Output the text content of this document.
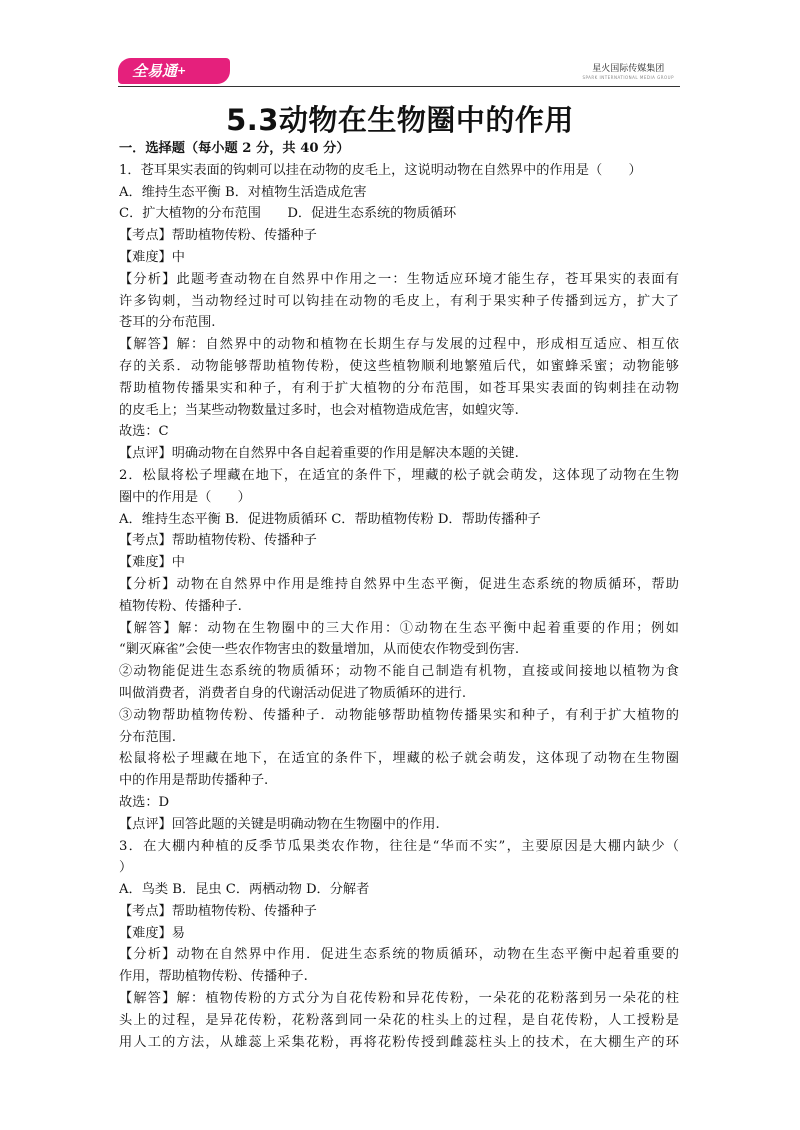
全易通+	星火国际传媒集团
SPARK INTERNATIONAL MEDIA GROUP
5.3动物在生物圈中的作用
一．选择题（每小题 2 分，共 40 分）
1．苍耳果实表面的钩刺可以挂在动物的皮毛上，这说明动物在自然界中的作用是（　　）
A．维持生态平衡 B．对植物生活造成危害
C．扩大植物的分布范围　　D．促进生态系统的物质循环
【考点】帮助植物传粉、传播种子
【难度】中
【分析】此题考查动物在自然界中作用之一：生物适应环境才能生存，苍耳果实的表面有
许多钩刺，当动物经过时可以钩挂在动物的毛皮上，有利于果实种子传播到远方，扩大了
苍耳的分布范围.
【解答】解：自然界中的动物和植物在长期生存与发展的过程中，形成相互适应、相互依
存的关系．动物能够帮助植物传粉，使这些植物顺利地繁殖后代，如蜜蜂采蜜；动物能够
帮助植物传播果实和种子，有利于扩大植物的分布范围，如苍耳果实表面的钩刺挂在动物
的皮毛上；当某些动物数量过多时，也会对植物造成危害，如蝗灾等.
故选：C
【点评】明确动物在自然界中各自起着重要的作用是解决本题的关键.
2．松鼠将松子埋藏在地下，在适宜的条件下，埋藏的松子就会萌发，这体现了动物在生物
圈中的作用是（　　）
A．维持生态平衡 B．促进物质循环 C．帮助植物传粉 D．帮助传播种子
【考点】帮助植物传粉、传播种子
【难度】中
【分析】动物在自然界中作用是维持自然界中生态平衡，促进生态系统的物质循环，帮助
植物传粉、传播种子.
【解答】解：动物在生物圈中的三大作用：①动物在生态平衡中起着重要的作用；例如
“剿灭麻雀”会使一些农作物害虫的数量增加，从而使农作物受到伤害.
②动物能促进生态系统的物质循环；动物不能自己制造有机物，直接或间接地以植物为食
叫做消费者，消费者自身的代谢活动促进了物质循环的进行.
③动物帮助植物传粉、传播种子．动物能够帮助植物传播果实和种子，有利于扩大植物的
分布范围.
松鼠将松子埋藏在地下，在适宜的条件下，埋藏的松子就会萌发，这体现了动物在生物圈
中的作用是帮助传播种子.
故选：D
【点评】回答此题的关键是明确动物在生物圈中的作用.
3．在大棚内种植的反季节瓜果类农作物，往往是“华而不实”，主要原因是大棚内缺少（
）
A．鸟类 B．昆虫 C．两栖动物 D．分解者
【考点】帮助植物传粉、传播种子
【难度】易
【分析】动物在自然界中作用．促进生态系统的物质循环，动物在生态平衡中起着重要的
作用，帮助植物传粉、传播种子.
【解答】解：植物传粉的方式分为自花传粉和异花传粉，一朵花的花粉落到另一朵花的柱
头上的过程，是异花传粉，花粉落到同一朵花的柱头上的过程，是自花传粉，人工授粉是
用人工的方法，从雄蕊上采集花粉，再将花粉传授到雌蕊柱头上的技术，在大棚生产的环
